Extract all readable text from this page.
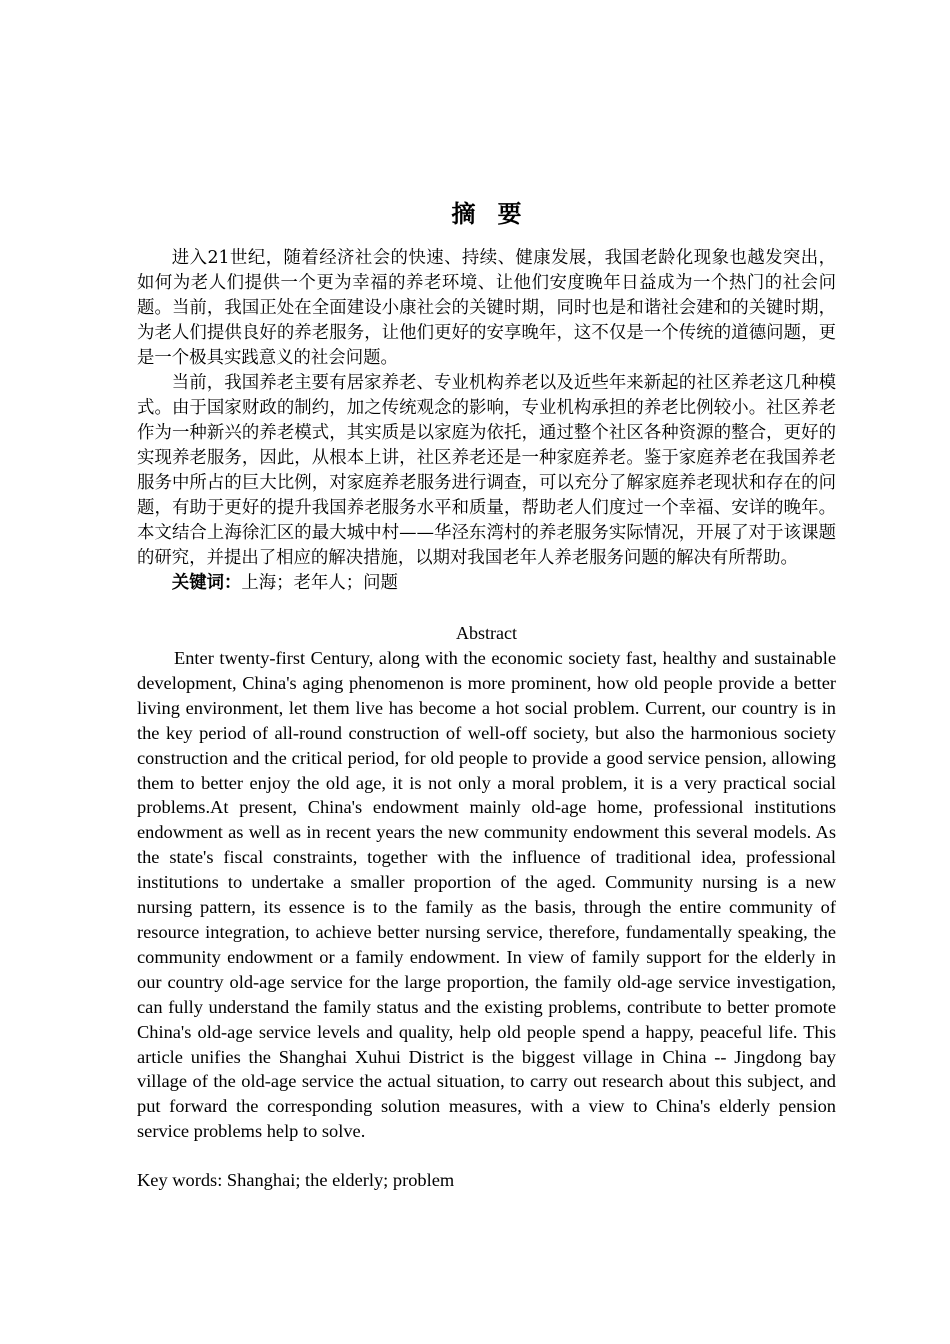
摘要

进入21世纪，随着经济社会的快速、持续、健康发展，我国老龄化现象也越发突出，如何为老人们提供一个更为幸福的养老环境、让他们安度晚年日益成为一个热门的社会问题。当前，我国正处在全面建设小康社会的关键时期，同时也是和谐社会建和的关键时期，为老人们提供良好的养老服务，让他们更好的安享晚年，这不仅是一个传统的道德问题，更是一个极具实践意义的社会问题。

当前，我国养老主要有居家养老、专业机构养老以及近些年来新起的社区养老这几种模式。由于国家财政的制约，加之传统观念的影响，专业机构承担的养老比例较小。社区养老作为一种新兴的养老模式，其实质是以家庭为依托，通过整个社区各种资源的整合，更好的实现养老服务，因此，从根本上讲，社区养老还是一种家庭养老。鉴于家庭养老在我国养老服务中所占的巨大比例，对家庭养老服务进行调查，可以充分了解家庭养老现状和存在的问题，有助于更好的提升我国养老服务水平和质量，帮助老人们度过一个幸福、安详的晚年。本文结合上海徐汇区的最大城中村——华泾东湾村的养老服务实际情况，开展了对于该课题的研究，并提出了相应的解决措施，以期对我国老年人养老服务问题的解决有所帮助。

关键词：上海；老年人；问题

Abstract

Enter twenty-first Century, along with the economic society fast, healthy and sustainable development, China's aging phenomenon is more prominent, how old people provide a better living environment, let them live has become a hot social problem. Current, our country is in the key period of all-round construction of well-off society, but also the harmonious society construction and the critical period, for old people to provide a good service pension, allowing them to better enjoy the old age, it is not only a moral problem, it is a very practical social problems.At present, China's endowment mainly old-age home, professional institutions endowment as well as in recent years the new community endowment this several models. As the state's fiscal constraints, together with the influence of traditional idea, professional institutions to undertake a smaller proportion of the aged. Community nursing is a new nursing pattern, its essence is to the family as the basis, through the entire community of resource integration, to achieve better nursing service, therefore, fundamentally speaking, the community endowment or a family endowment. In view of family support for the elderly in our country old-age service for the large proportion, the family old-age service investigation, can fully understand the family status and the existing problems, contribute to better promote China's old-age service levels and quality, help old people spend a happy, peaceful life. This article unifies the Shanghai Xuhui District is the biggest village in China -- Jingdong bay village of the old-age service the actual situation, to carry out research about this subject, and put forward the corresponding solution measures, with a view to China's elderly pension service problems help to solve.

Key words: Shanghai; the elderly; problem
